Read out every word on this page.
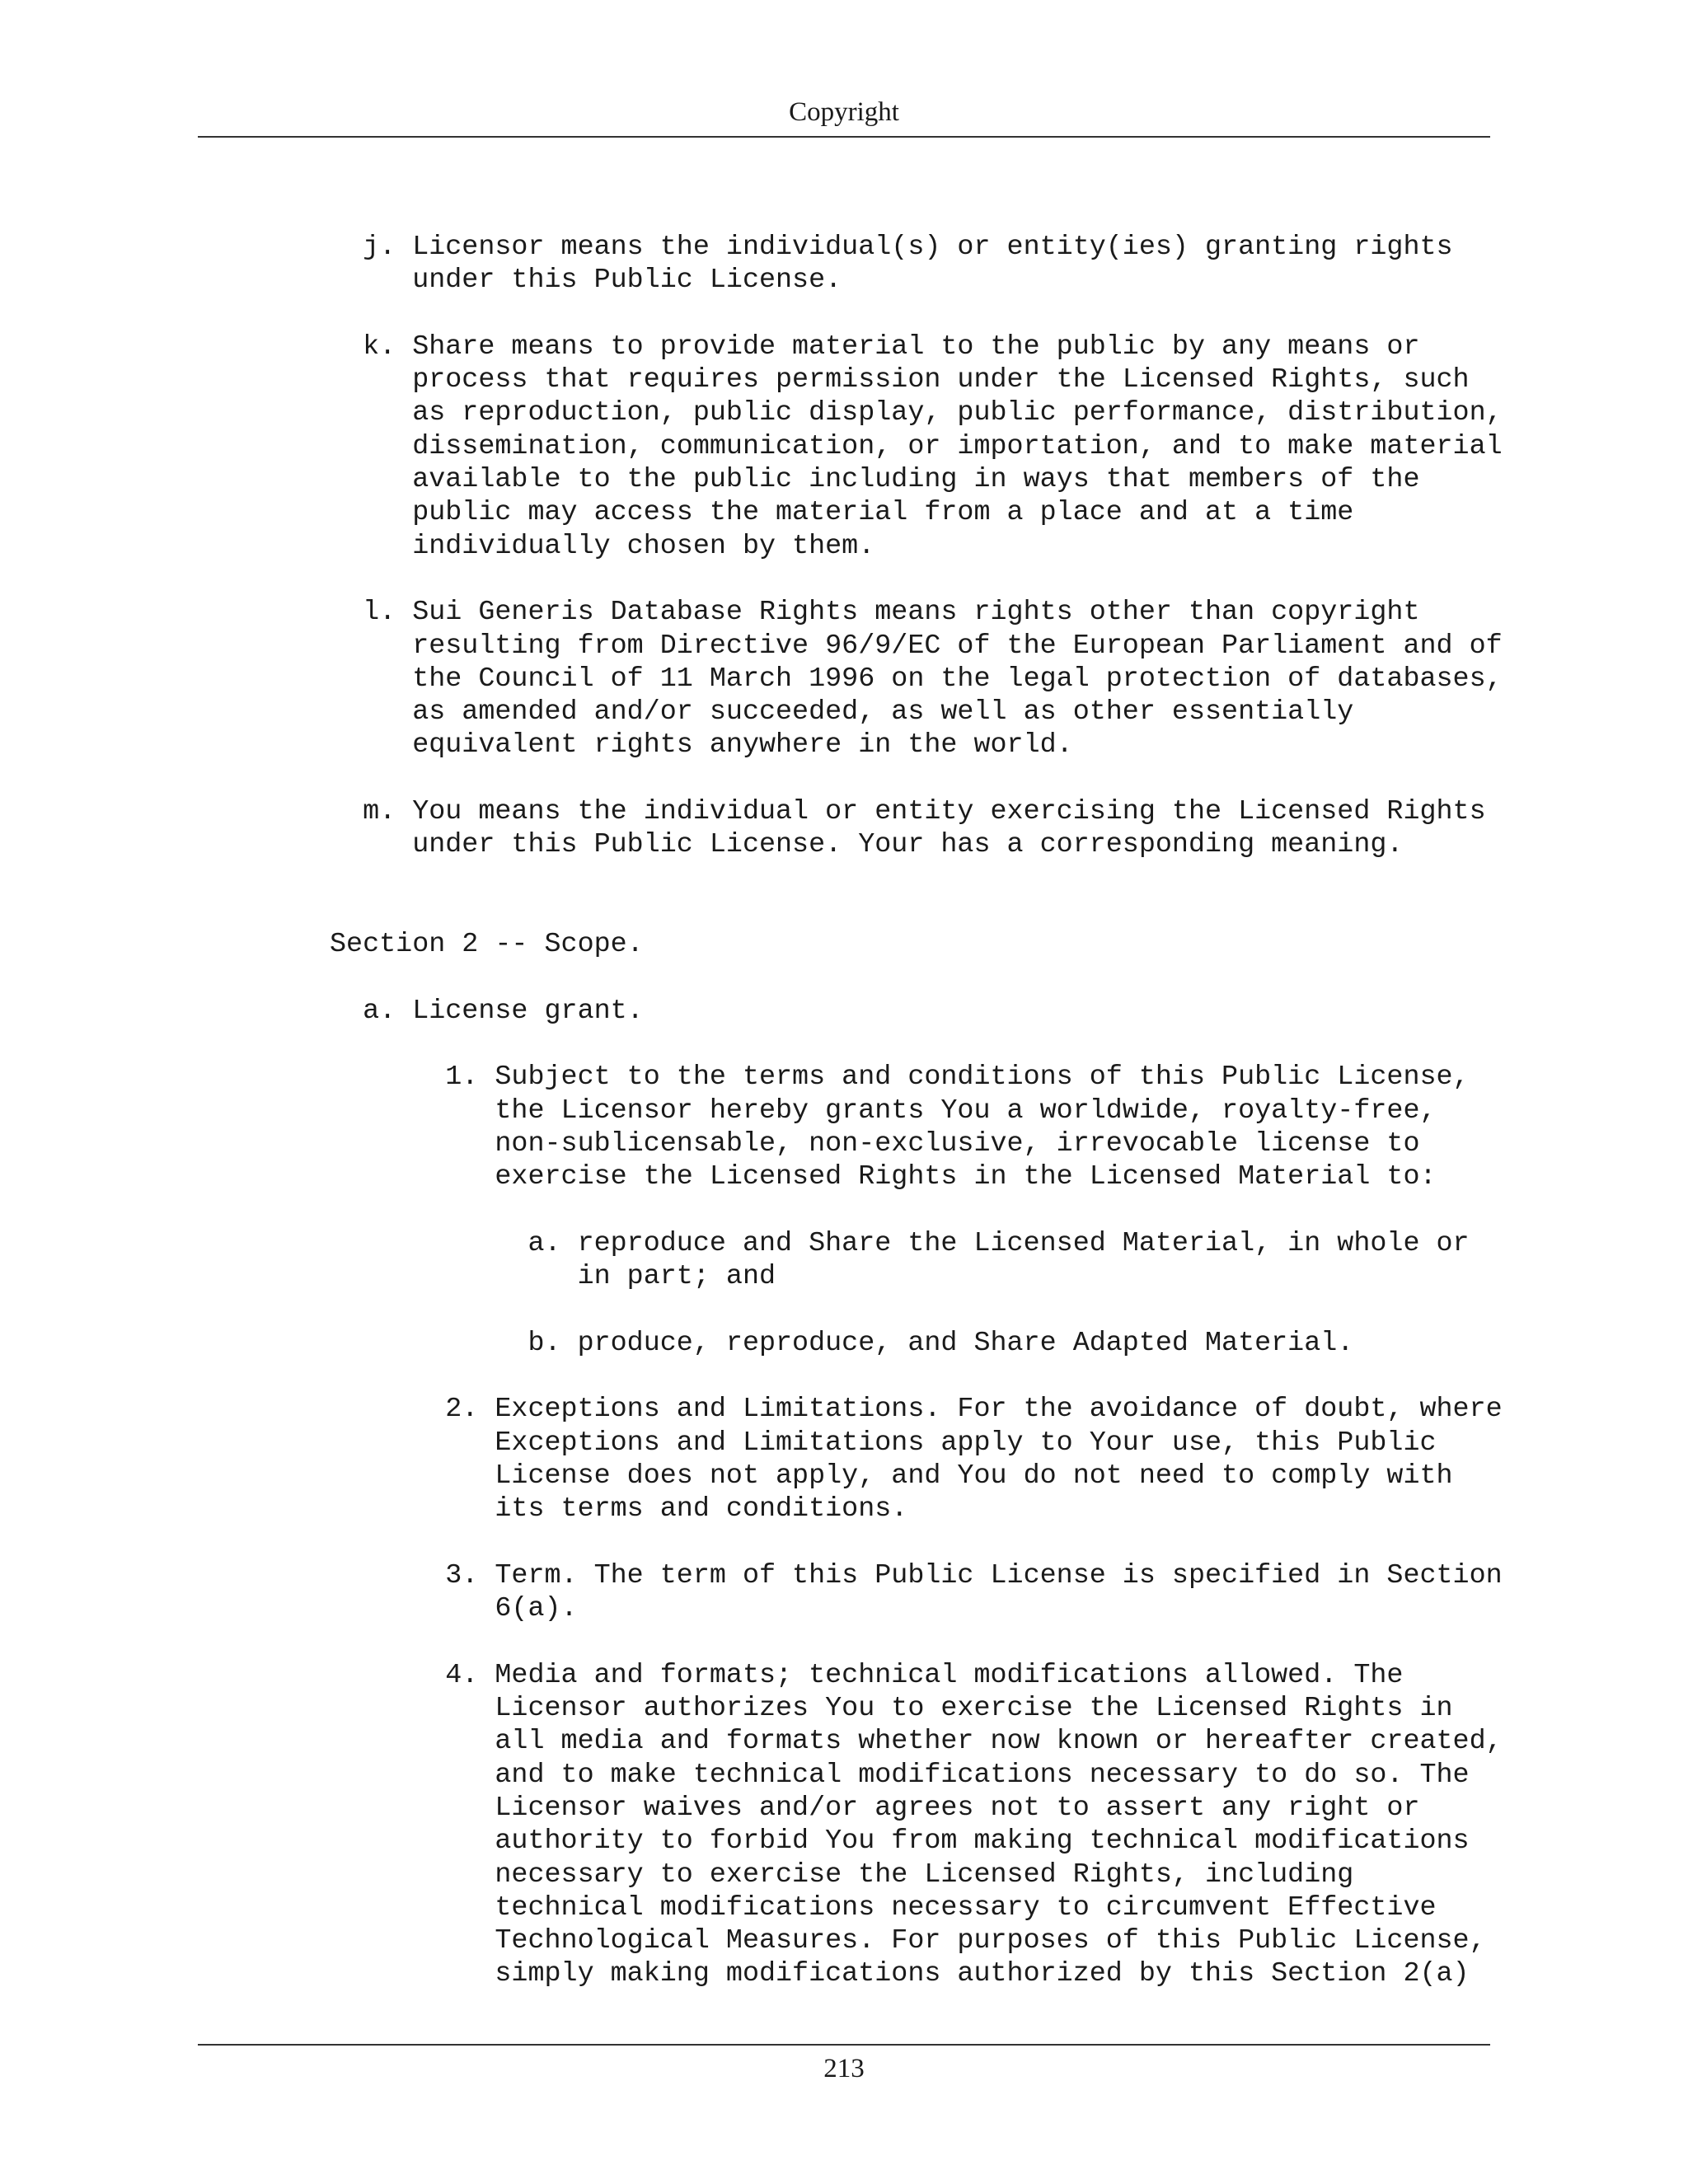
Copyright
j. Licensor means the individual(s) or entity(ies) granting rights
under this Public License.
k. Share means to provide material to the public by any means or
process that requires permission under the Licensed Rights, such
as reproduction, public display, public performance, distribution,
dissemination, communication, or importation, and to make material
available to the public including in ways that members of the
public may access the material from a place and at a time
individually chosen by them.
l. Sui Generis Database Rights means rights other than copyright
resulting from Directive 96/9/EC of the European Parliament and of
the Council of 11 March 1996 on the legal protection of databases,
as amended and/or succeeded, as well as other essentially
equivalent rights anywhere in the world.
m. You means the individual or entity exercising the Licensed Rights
under this Public License. Your has a corresponding meaning.
Section 2 -- Scope.
a. License grant.
1. Subject to the terms and conditions of this Public License,
the Licensor hereby grants You a worldwide, royalty-free,
non-sublicensable, non-exclusive, irrevocable license to
exercise the Licensed Rights in the Licensed Material to:
a. reproduce and Share the Licensed Material, in whole or
in part; and
b. produce, reproduce, and Share Adapted Material.
2. Exceptions and Limitations. For the avoidance of doubt, where
Exceptions and Limitations apply to Your use, this Public
License does not apply, and You do not need to comply with
its terms and conditions.
3. Term. The term of this Public License is specified in Section
6(a).
4. Media and formats; technical modifications allowed. The
Licensor authorizes You to exercise the Licensed Rights in
all media and formats whether now known or hereafter created,
and to make technical modifications necessary to do so. The
Licensor waives and/or agrees not to assert any right or
authority to forbid You from making technical modifications
necessary to exercise the Licensed Rights, including
technical modifications necessary to circumvent Effective
Technological Measures. For purposes of this Public License,
simply making modifications authorized by this Section 2(a)
213
